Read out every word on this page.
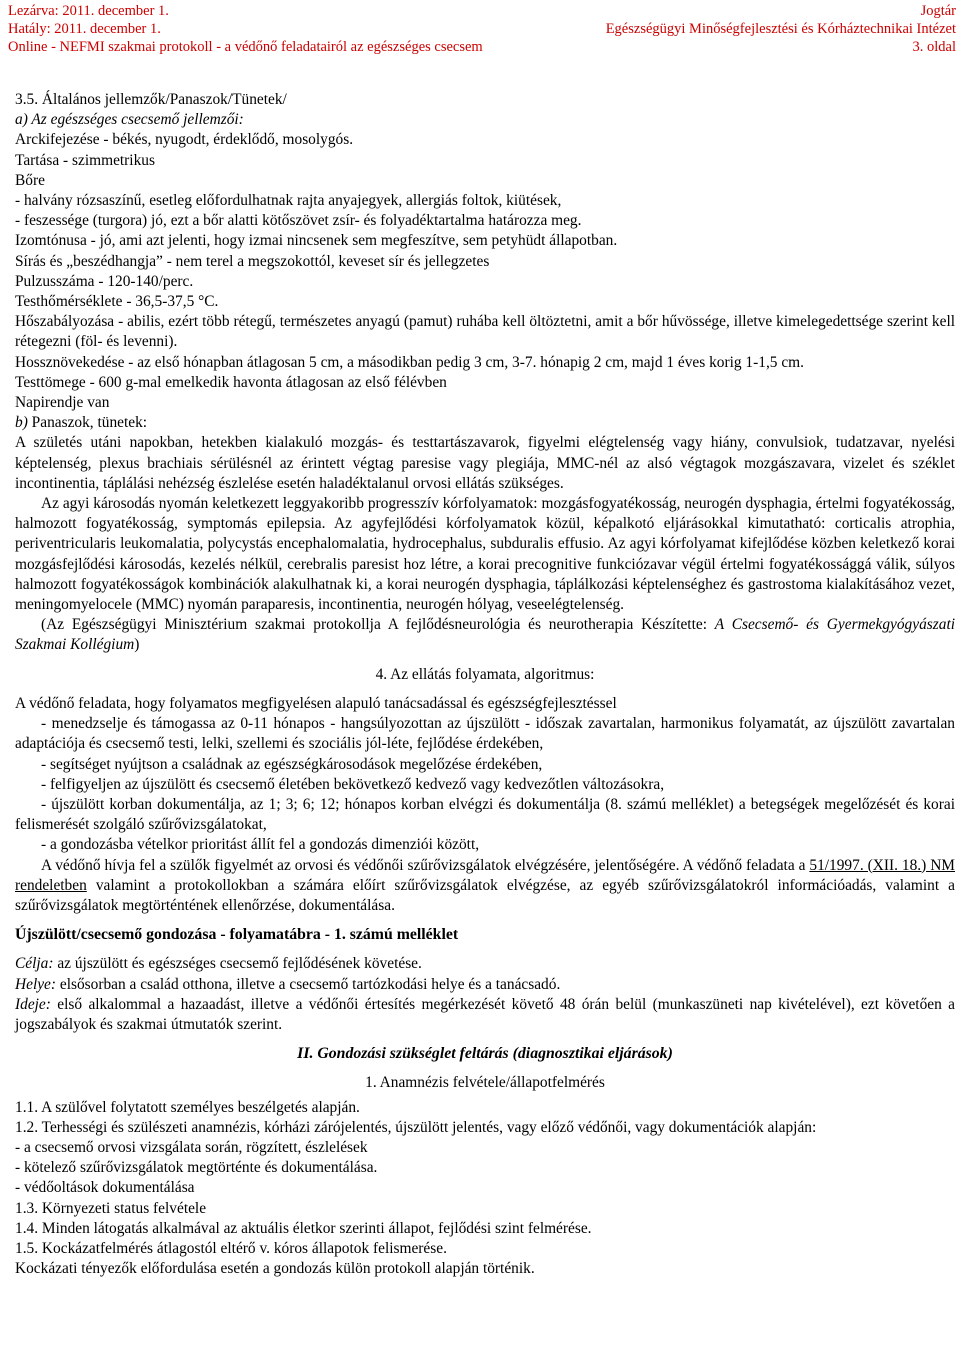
Lezárva: 2011. december 1.
Hatály: 2011. december 1.
Online - NEFMI szakmai protokoll - a védőnő feladatairól az egészséges csecsem
Jogtár
Egészségügyi Minőségfejlesztési és Kórháztechnikai Intézet
3. oldal

3.5. Általános jellemzők/Panaszok/Tünetek/

a) Az egészséges csecsemő jellemzői:

Arckifejezése - békés, nyugodt, érdeklődő, mosolygós.

Tartása - szimmetrikus

Bőre

- halvány rózsaszínű, esetleg előfordulhatnak rajta anyajegyek, allergiás foltok, kiütések,

- feszessége (turgora) jó, ezt a bőr alatti kötőszövet zsír- és folyadéktartalma határozza meg.

Izomtónusa - jó, ami azt jelenti, hogy izmai nincsenek sem megfeszítve, sem petyhüdt állapotban.

Sírás és „beszédhangja” - nem terel a megszokottól, keveset sír és jellegzetes

Pulzusszáma - 120-140/perc.

Testhőmérséklete - 36,5-37,5 °C.

Hőszabályozása - abilis, ezért több rétegű, természetes anyagú (pamut) ruhába kell öltöztetni, amit a bőr hűvössége, illetve kimelegedettsége szerint kell rétegezni (föl- és levenni).

Hossznövekedése - az első hónapban átlagosan 5 cm, a másodikban pedig 3 cm, 3-7. hónapig 2 cm, majd 1 éves korig 1-1,5 cm.

Testtömege - 600 g-mal emelkedik havonta átlagosan az első félévben

Napirendje van

b) Panaszok, tünetek:

A születés utáni napokban, hetekben kialakuló mozgás- és testtartászavarok, figyelmi elégtelenség vagy hiány, convulsiok, tudatzavar, nyelési képtelenség, plexus brachiais sérülésnél az érintett végtag paresise vagy plegiája, MMC-nél az alsó végtagok mozgászavara, vizelet és széklet incontinentia, táplálási nehézség észlelése esetén haladéktalanul orvosi ellátás szükséges.

Az agyi károsodás nyomán keletkezett leggyakoribb progresszív kórfolyamatok: mozgásfogyatékosság, neurogén dysphagia, értelmi fogyatékosság, halmozott fogyatékosság, symptomás epilepsia. Az agyfejlődési kórfolyamatok közül, képalkotó eljárásokkal kimutatható: corticalis atrophia, periventricularis leukomalatia, polycystás encephalomalatia, hydrocephalus, subduralis effusio. Az agyi kórfolyamat kifejlődése közben keletkező korai mozgásfejlődési károsodás, kezelés nélkül, cerebralis paresist hoz létre, a korai precognitive funkciózavar végül értelmi fogyatékossággá válik, súlyos halmozott fogyatékosságok kombinációk alakulhatnak ki, a korai neurogén dysphagia, táplálkozási képtelenséghez és gastrostoma kialakításához vezet, meningomyelocele (MMC) nyomán paraparesis, incontinentia, neurogén hólyag, veseelégtelenség.

(Az Egészségügyi Minisztérium szakmai protokollja A fejlődésneurológia és neurotherapia Készítette: A Csecsemő- és Gyermekgyógyászati Szakmai Kollégium)

4. Az ellátás folyamata, algoritmus:

A védőnő feladata, hogy folyamatos megfigyelésen alapuló tanácsadással és egészségfejlesztéssel

- menedzselje és támogassa az 0-11 hónapos - hangsúlyozottan az újszülött - időszak zavartalan, harmonikus folyamatát, az újszülött zavartalan adaptációja és csecsemő testi, lelki, szellemi és szociális jól-léte, fejlődése érdekében,

- segítséget nyújtson a családnak az egészségkárosodások megelőzése érdekében,

- felfigyeljen az újszülött és csecsemő életében bekövetkező kedvező vagy kedvezőtlen változásokra,

- újszülött korban dokumentálja, az 1; 3; 6; 12; hónapos korban elvégzi és dokumentálja (8. számú melléklet) a betegségek megelőzését és korai felismerését szolgáló szűrővizsgálatokat,

- a gondozásba vételkor prioritást állít fel a gondozás dimenziói között,

A védőnő hívja fel a szülők figyelmét az orvosi és védőnői szűrővizsgálatok elvégzésére, jelentőségére. A védőnő feladata a 51/1997. (XII. 18.) NM rendeletben valamint a protokollokban a számára előírt szűrővizsgálatok elvégzése, az egyéb szűrővizsgálatokról információadás, valamint a szűrővizsgálatok megtörténtének ellenőrzése, dokumentálása.

Újszülött/csecsemő gondozása - folyamatábra - 1. számú melléklet

Célja: az újszülött és egészséges csecsemő fejlődésének követése.

Helye: elsősorban a család otthona, illetve a csecsemő tartózkodási helye és a tanácsadó.

Ideje: első alkalommal a hazaadást, illetve a védőnői értesítés megérkezését követő 48 órán belül (munkaszüneti nap kivételével), ezt követően a jogszabályok és szakmai útmutatók szerint.

II. Gondozási szükséglet feltárás (diagnosztikai eljárások)

1. Anamnézis felvétele/állapotfelmérés

1.1. A szülővel folytatott személyes beszélgetés alapján.

1.2. Terhességi és szülészeti anamnézis, kórházi zárójelentés, újszülött jelentés, vagy előző védőnői, vagy dokumentációk alapján:

- a csecsemő orvosi vizsgálata során, rögzített, észlelések

- kötelező szűrővizsgálatok megtörténte és dokumentálása.

- védőoltások dokumentálása

1.3. Környezeti status felvétele

1.4. Minden látogatás alkalmával az aktuális életkor szerinti állapot, fejlődési szint felmérése.

1.5. Kockázatfelmérés átlagostól eltérő v. kóros állapotok felismerése.

Kockázati tényezők előfordulása esetén a gondozás külön protokoll alapján történik.
